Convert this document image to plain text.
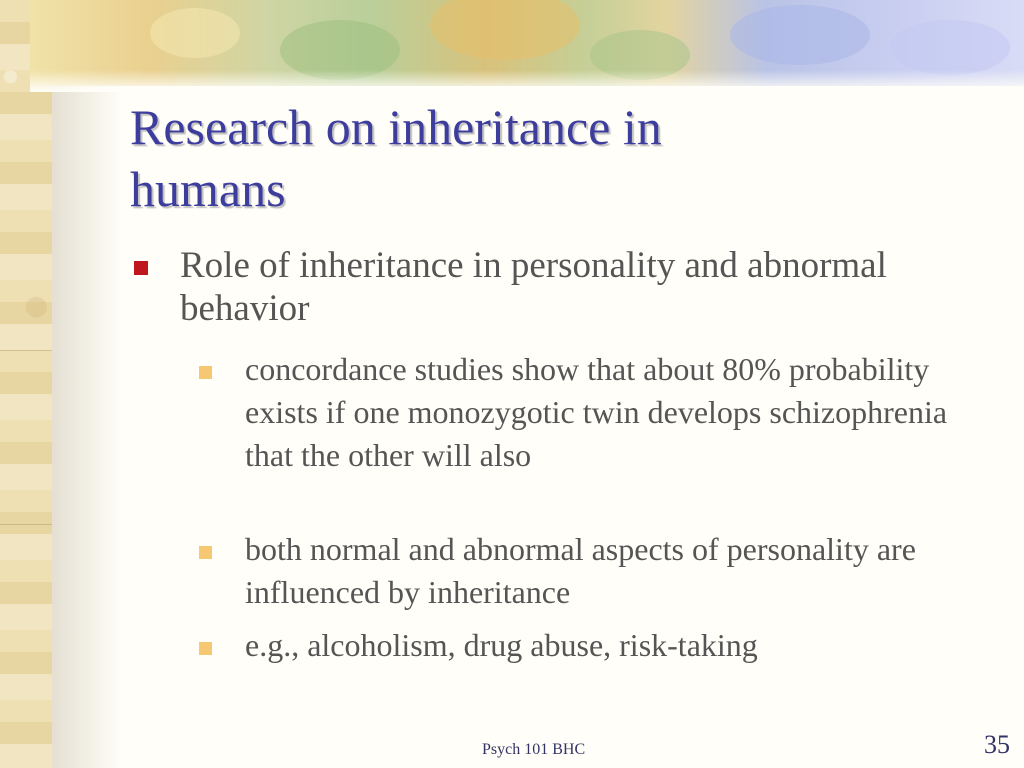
Research on inheritance in
humans
Role of inheritance in personality and abnormal behavior
concordance studies show that about 80% probability exists if one monozygotic twin develops schizophrenia that the other will also
both normal and abnormal aspects of personality are influenced by inheritance
e.g., alcoholism, drug abuse, risk-taking
Psych 101 BHC	35
